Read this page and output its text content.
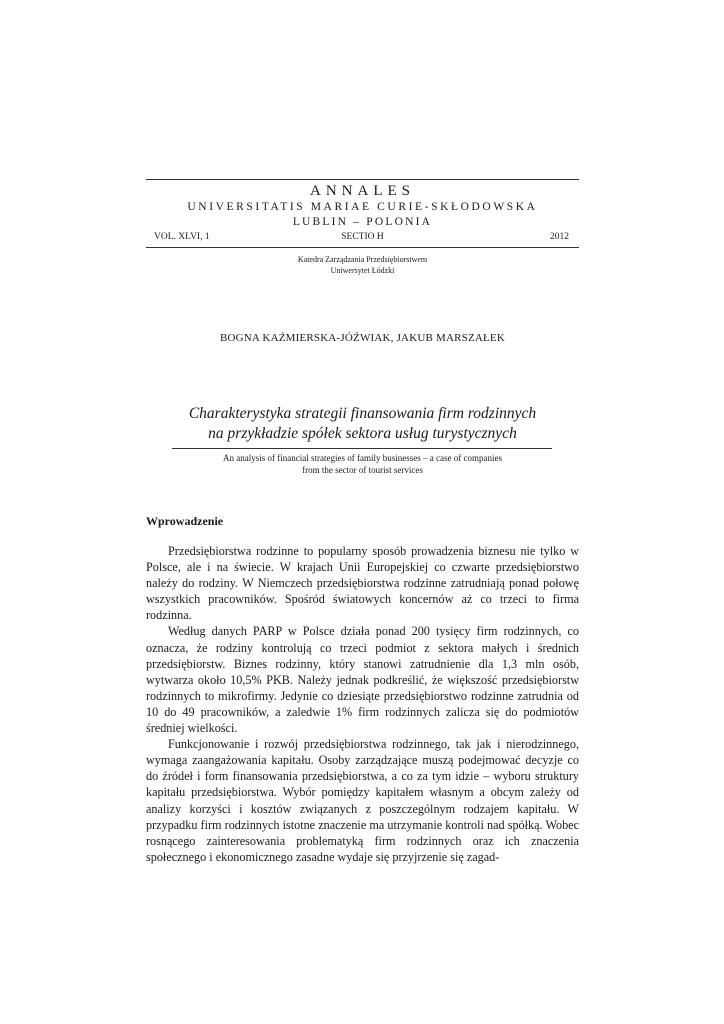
ANNALES
UNIVERSITATIS MARIAE CURIE-SKŁODOWSKA
LUBLIN – POLONIA
VOL. XLVI, 1	SECTIO H	2012
Katedra Zarządzania Przedsiębiorstwem
Uniwersytet Łódzki
BOGNA KAŹMIERSKA-JÓŹWIAK, JAKUB MARSZAŁEK
Charakterystyka strategii finansowania firm rodzinnych
na przykładzie spółek sektora usług turystycznych
An analysis of financial strategies of family businesses – a case of companies
from the sector of tourist services
Wprowadzenie

Przedsiębiorstwa rodzinne to popularny sposób prowadzenia biznesu nie tylko w Polsce, ale i na świecie. W krajach Unii Europejskiej co czwarte przedsiębiorstwo należy do rodziny. W Niemczech przedsiębiorstwa rodzinne zatrudniają ponad połowę wszystkich pracowników. Spośród światowych koncernów aż co trzeci to firma rodzinna.

Według danych PARP w Polsce działa ponad 200 tysięcy firm rodzinnych, co oznacza, że rodziny kontrolują co trzeci podmiot z sektora małych i średnich przedsiębiorstw. Biznes rodzinny, który stanowi zatrudnienie dla 1,3 mln osób, wytwarza około 10,5% PKB. Należy jednak podkreślić, że większość przedsiębiorstw rodzinnych to mikrofirmy. Jedynie co dziesiąte przedsiębiorstwo rodzinne zatrudnia od 10 do 49 pracowników, a zaledwie 1% firm rodzinnych zalicza się do podmiotów średniej wielkości.

Funkcjonowanie i rozwój przedsiębiorstwa rodzinnego, tak jak i nierodzinnego, wymaga zaangażowania kapitału. Osoby zarządzające muszą podejmować decyzje co do źródeł i form finansowania przedsiębiorstwa, a co za tym idzie – wyboru struktury kapitału przedsiębiorstwa. Wybór pomiędzy kapitałem własnym a obcym zależy od analizy korzyści i kosztów związanych z poszczególnym rodzajem kapitału. W przypadku firm rodzinnych istotne znaczenie ma utrzymanie kontroli nad spółką. Wobec rosnącego zainteresowania problematyką firm rodzinnych oraz ich znaczenia społecznego i ekonomicznego zasadne wydaje się przyjrzenie się zagad-
